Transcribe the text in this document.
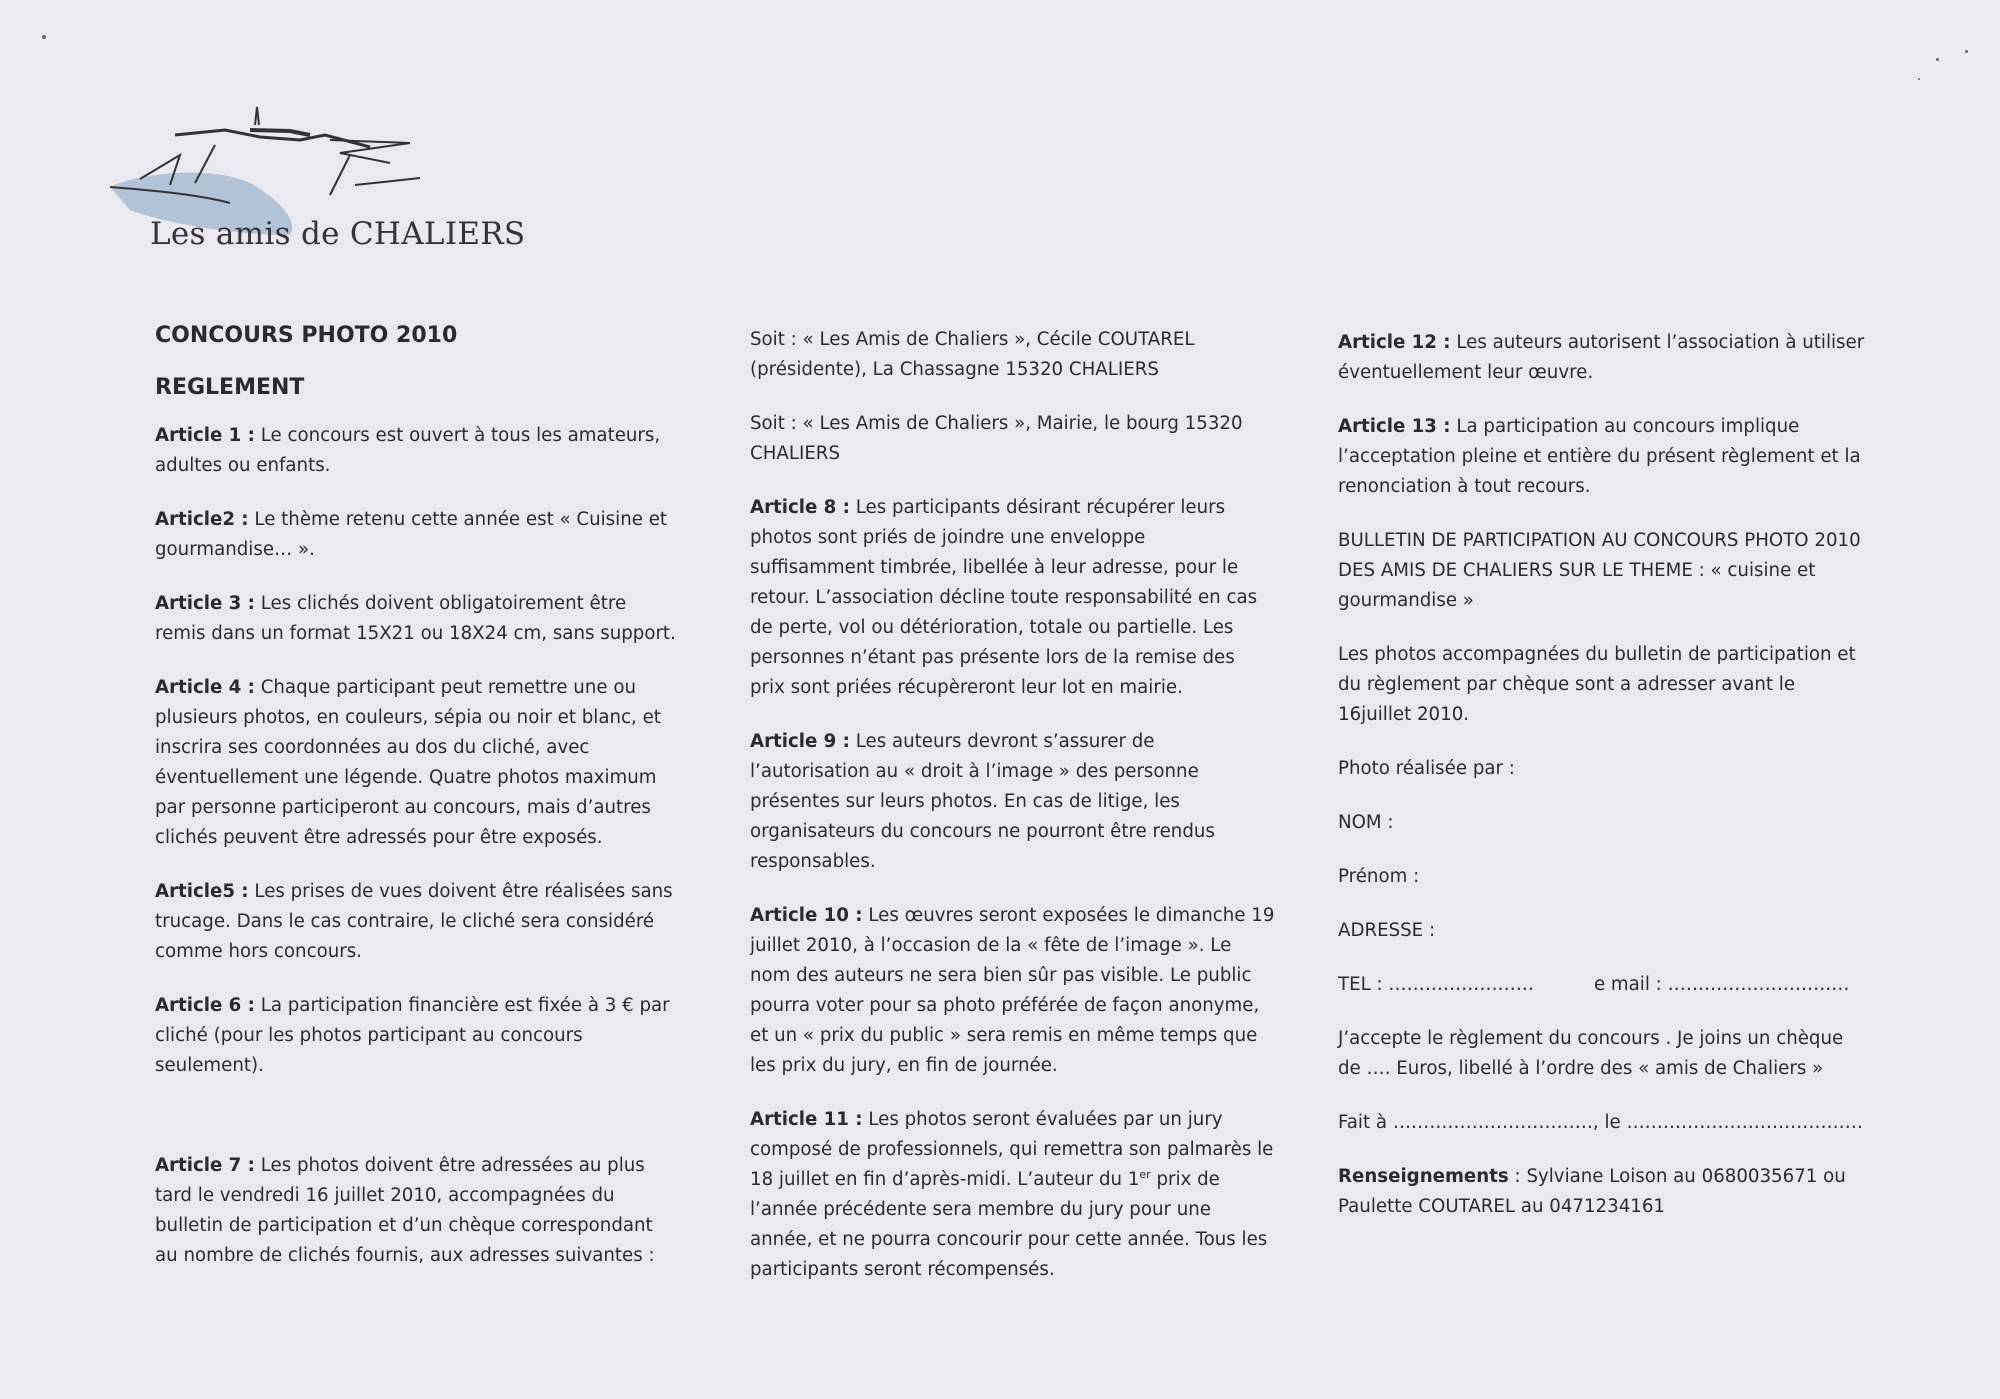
Les amis de CHALIERS

CONCOURS PHOTO 2010

REGLEMENT

Article 1 : Le concours est ouvert à tous les amateurs, adultes ou enfants.

Article2 : Le thème retenu cette année est « Cuisine et gourmandise… ».

Article 3 : Les clichés doivent obligatoirement être remis dans un format 15X21 ou 18X24 cm, sans support.

Article 4 : Chaque participant peut remettre une ou plusieurs photos, en couleurs, sépia ou noir et blanc, et inscrira ses coordonnées au dos du cliché, avec éventuellement une légende. Quatre photos maximum par personne participeront au concours, mais d’autres clichés peuvent être adressés pour être exposés.

Article5 : Les prises de vues doivent être réalisées sans trucage. Dans le cas contraire, le cliché sera considéré comme hors concours.

Article 6 : La participation financière est fixée à 3 € par cliché (pour les photos participant au concours seulement).

Article 7 : Les photos doivent être adressées au plus tard le vendredi 16 juillet 2010, accompagnées du bulletin de participation et d’un chèque correspondant au nombre de clichés fournis, aux adresses suivantes :

Soit : « Les Amis de Chaliers », Cécile COUTAREL (présidente), La Chassagne 15320 CHALIERS

Soit : « Les Amis de Chaliers », Mairie, le bourg 15320 CHALIERS

Article 8 : Les participants désirant récupérer leurs photos sont priés de joindre une enveloppe suffisamment timbrée, libellée à leur adresse, pour le retour. L’association décline toute responsabilité en cas de perte, vol ou détérioration, totale ou partielle. Les personnes n’étant pas présente lors de la remise des prix sont priées récupèreront leur lot en mairie.

Article 9 : Les auteurs devront s’assurer de l’autorisation au « droit à l’image » des personne présentes sur leurs photos. En cas de litige, les organisateurs du concours ne pourront être rendus responsables.

Article 10 : Les œuvres seront exposées le dimanche 19 juillet 2010, à l’occasion de la « fête de l’image ». Le nom des auteurs ne sera bien sûr pas visible. Le public pourra voter pour sa photo préférée de façon anonyme, et un « prix du public » sera remis en même temps que les prix du jury, en fin de journée.

Article 11 : Les photos seront évaluées par un jury composé de professionnels, qui remettra son palmarès le 18 juillet en fin d’après-midi. L’auteur du 1er prix de l’année précédente sera membre du jury pour une année, et ne pourra concourir pour cette année. Tous les participants seront récompensés.

Article 12 : Les auteurs autorisent l’association à utiliser éventuellement leur œuvre.

Article 13 : La participation au concours implique l’acceptation pleine et entière du présent règlement et la renonciation à tout recours.

BULLETIN DE PARTICIPATION AU CONCOURS PHOTO 2010 DES AMIS DE CHALIERS SUR LE THEME : « cuisine et gourmandise »

Les photos accompagnées du bulletin de participation et du règlement par chèque sont a adresser avant le 16juillet 2010.

Photo réalisée par :

NOM :

Prénom :

ADRESSE :

TEL : ……………………	e mail : …………………………

J’accepte le règlement du concours . Je joins un chèque de …. Euros, libellé à l’ordre des « amis de Chaliers »

Fait à ……………………………, le …………………………………

Renseignements : Sylviane Loison au 0680035671 ou Paulette COUTAREL au 0471234161
